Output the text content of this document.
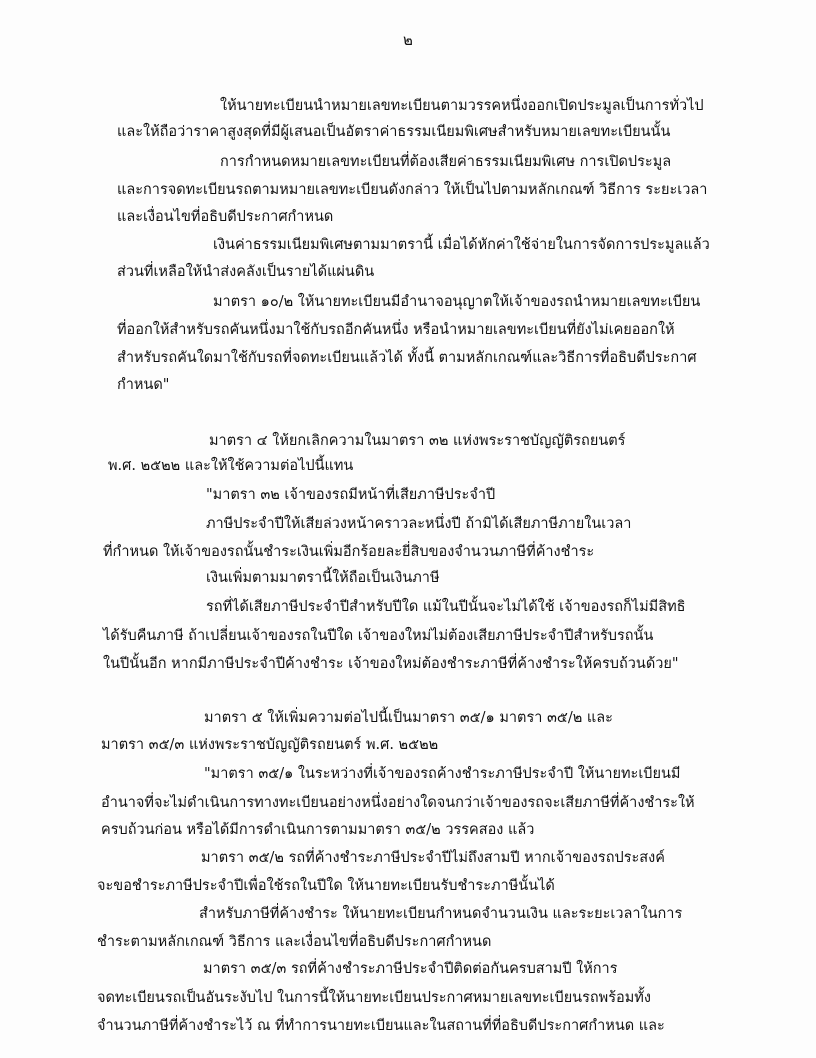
๒
ให้นายทะเบียนนำหมายเลขทะเบียนตามวรรคหนึ่งออกเปิดประมูลเป็นการทั่วไป
และให้ถือว่าราคาสูงสุดที่มีผู้เสนอเป็นอัตราค่าธรรมเนียมพิเศษสำหรับหมายเลขทะเบียนนั้น
การกำหนดหมายเลขทะเบียนที่ต้องเสียค่าธรรมเนียมพิเศษ การเปิดประมูล
และการจดทะเบียนรถตามหมายเลขทะเบียนดังกล่าว ให้เป็นไปตามหลักเกณฑ์ วิธีการ ระยะเวลา
และเงื่อนไขที่อธิบดีประกาศกำหนด
เงินค่าธรรมเนียมพิเศษตามมาตรานี้ เมื่อได้หักค่าใช้จ่ายในการจัดการประมูลแล้ว
ส่วนที่เหลือให้นำส่งคลังเป็นรายได้แผ่นดิน
มาตรา ๑๐/๒ ให้นายทะเบียนมีอำนาจอนุญาตให้เจ้าของรถนำหมายเลขทะเบียน
ที่ออกให้สำหรับรถคันหนึ่งมาใช้กับรถอีกคันหนึ่ง หรือนำหมายเลขทะเบียนที่ยังไม่เคยออกให้
สำหรับรถคันใดมาใช้กับรถที่จดทะเบียนแล้วได้ ทั้งนี้ ตามหลักเกณฑ์และวิธีการที่อธิบดีประกาศ
กำหนด"
มาตรา ๔ ให้ยกเลิกความในมาตรา ๓๒ แห่งพระราชบัญญัติรถยนตร์
พ.ศ. ๒๕๒๒ และให้ใช้ความต่อไปนี้แทน
"มาตรา ๓๒ เจ้าของรถมีหน้าที่เสียภาษีประจำปี
ภาษีประจำปีให้เสียล่วงหน้าคราวละหนึ่งปี ถ้ามิได้เสียภาษีภายในเวลา
ที่กำหนด ให้เจ้าของรถนั้นชำระเงินเพิ่มอีกร้อยละยี่สิบของจำนวนภาษีที่ค้างชำระ
เงินเพิ่มตามมาตรานี้ให้ถือเป็นเงินภาษี
รถที่ได้เสียภาษีประจำปีสำหรับปีใด แม้ในปีนั้นจะไม่ได้ใช้ เจ้าของรถก็ไม่มีสิทธิ
ได้รับคืนภาษี ถ้าเปลี่ยนเจ้าของรถในปีใด เจ้าของใหม่ไม่ต้องเสียภาษีประจำปีสำหรับรถนั้น
ในปีนั้นอีก หากมีภาษีประจำปีค้างชำระ เจ้าของใหม่ต้องชำระภาษีที่ค้างชำระให้ครบถ้วนด้วย"
มาตรา ๕ ให้เพิ่มความต่อไปนี้เป็นมาตรา ๓๕/๑ มาตรา ๓๕/๒ และ
มาตรา ๓๕/๓ แห่งพระราชบัญญัติรถยนตร์ พ.ศ. ๒๕๒๒
"มาตรา ๓๕/๑ ในระหว่างที่เจ้าของรถค้างชำระภาษีประจำปี ให้นายทะเบียนมี
อำนาจที่จะไม่ดำเนินการทางทะเบียนอย่างหนึ่งอย่างใดจนกว่าเจ้าของรถจะเสียภาษีที่ค้างชำระให้
ครบถ้วนก่อน หรือได้มีการดำเนินการตามมาตรา ๓๕/๒ วรรคสอง แล้ว
มาตรา ๓๕/๒ รถที่ค้างชำระภาษีประจำปีไม่ถึงสามปี หากเจ้าของรถประสงค์
จะขอชำระภาษีประจำปีเพื่อใช้รถในปีใด ให้นายทะเบียนรับชำระภาษีนั้นได้
สำหรับภาษีที่ค้างชำระ ให้นายทะเบียนกำหนดจำนวนเงิน และระยะเวลาในการ
ชำระตามหลักเกณฑ์ วิธีการ และเงื่อนไขที่อธิบดีประกาศกำหนด
มาตรา ๓๕/๓ รถที่ค้างชำระภาษีประจำปีติดต่อกันครบสามปี ให้การ
จดทะเบียนรถเป็นอันระงับไป ในการนี้ให้นายทะเบียนประกาศหมายเลขทะเบียนรถพร้อมทั้ง
จำนวนภาษีที่ค้างชำระไว้ ณ ที่ทำการนายทะเบียนและในสถานที่ที่อธิบดีประกาศกำหนด และ
